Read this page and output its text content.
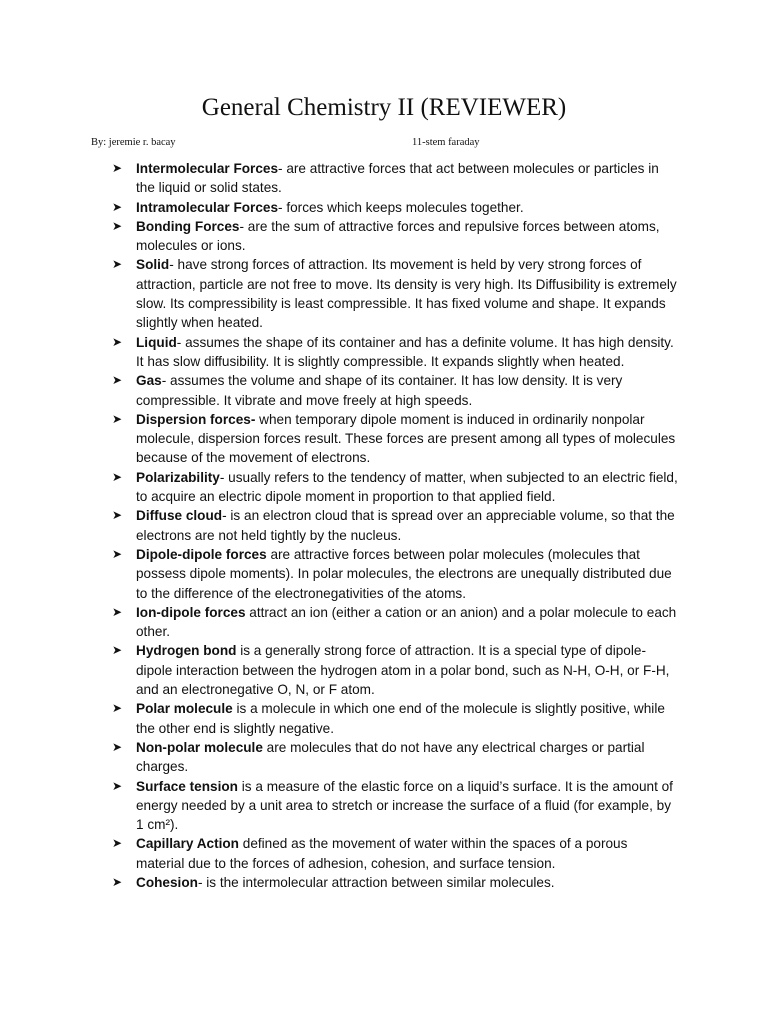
General Chemistry II (REVIEWER)

By: jeremie r. bacay	11-stem faraday

➤ Intermolecular Forces- are attractive forces that act between molecules or particles in the liquid or solid states.
➤ Intramolecular Forces- forces which keeps molecules together.
➤ Bonding Forces- are the sum of attractive forces and repulsive forces between atoms, molecules or ions.
➤ Solid- have strong forces of attraction. Its movement is held by very strong forces of attraction, particle are not free to move. Its density is very high. Its Diffusibility is extremely slow. Its compressibility is least compressible. It has fixed volume and shape. It expands slightly when heated.
➤ Liquid- assumes the shape of its container and has a definite volume. It has high density. It has slow diffusibility. It is slightly compressible. It expands slightly when heated.
➤ Gas- assumes the volume and shape of its container. It has low density. It is very compressible. It vibrate and move freely at high speeds.
➤ Dispersion forces- when temporary dipole moment is induced in ordinarily nonpolar molecule, dispersion forces result. These forces are present among all types of molecules because of the movement of electrons.
➤ Polarizability- usually refers to the tendency of matter, when subjected to an electric field, to acquire an electric dipole moment in proportion to that applied field.
➤ Diffuse cloud- is an electron cloud that is spread over an appreciable volume, so that the electrons are not held tightly by the nucleus.
➤ Dipole-dipole forces are attractive forces between polar molecules (molecules that possess dipole moments). In polar molecules, the electrons are unequally distributed due to the difference of the electronegativities of the atoms.
➤ Ion-dipole forces attract an ion (either a cation or an anion) and a polar molecule to each other.
➤ Hydrogen bond is a generally strong force of attraction. It is a special type of dipole-dipole interaction between the hydrogen atom in a polar bond, such as N-H, O-H, or F-H, and an electronegative O, N, or F atom.
➤ Polar molecule is a molecule in which one end of the molecule is slightly positive, while the other end is slightly negative.
➤ Non-polar molecule are molecules that do not have any electrical charges or partial charges.
➤ Surface tension is a measure of the elastic force on a liquid’s surface. It is the amount of energy needed by a unit area to stretch or increase the surface of a fluid (for example, by 1 cm²).
➤ Capillary Action defined as the movement of water within the spaces of a porous material due to the forces of adhesion, cohesion, and surface tension.
➤ Cohesion- is the intermolecular attraction between similar molecules.
